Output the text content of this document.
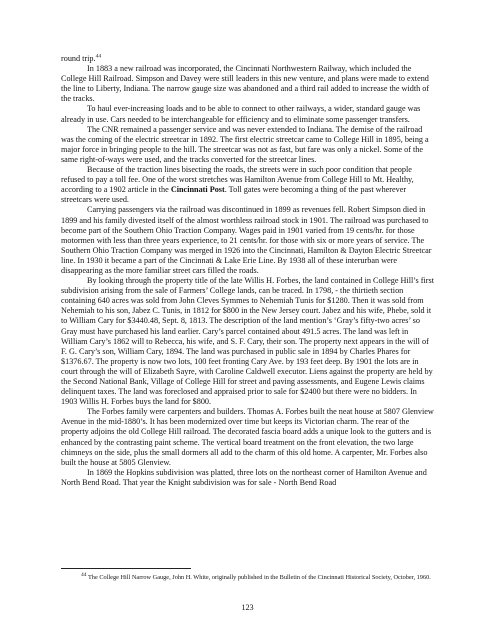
round trip.$^{44}$

In 1883 a new railroad was incorporated, the Cincinnati Northwestern Railway, which included the College Hill Railroad. Simpson and Davey were still leaders in this new venture, and plans were made to extend the line to Liberty, Indiana. The narrow gauge size was abandoned and a third rail added to increase the width of the tracks.

To haul ever-increasing loads and to be able to connect to other railways, a wider, standard gauge was already in use. Cars needed to be interchangeable for efficiency and to eliminate some passenger transfers.

The CNR remained a passenger service and was never extended to Indiana. The demise of the railroad was the coming of the electric streetcar in 1892. The first electric streetcar came to College Hill in 1895, being a major force in bringing people to the hill. The streetcar was not as fast, but fare was only a nickel. Some of the same right-of-ways were used, and the tracks converted for the streetcar lines.

Because of the traction lines bisecting the roads, the streets were in such poor condition that people refused to pay a toll fee. One of the worst stretches was Hamilton Avenue from College Hill to Mt. Healthy, according to a 1902 article in the Cincinnati Post. Toll gates were becoming a thing of the past wherever streetcars were used.

Carrying passengers via the railroad was discontinued in 1899 as revenues fell. Robert Simpson died in 1899 and his family divested itself of the almost worthless railroad stock in 1901. The railroad was purchased to become part of the Southern Ohio Traction Company. Wages paid in 1901 varied from 19 cents/hr. for those motormen with less than three years experience, to 21 cents/hr. for those with six or more years of service. The Southern Ohio Traction Company was merged in 1926 into the Cincinnati, Hamilton & Dayton Electric Streetcar line. In 1930 it became a part of the Cincinnati & Lake Erie Line. By 1938 all of these interurban were disappearing as the more familiar street cars filled the roads.

By looking through the property title of the late Willis H. Forbes, the land contained in College Hill’s first subdivision arising from the sale of Farmers’ College lands, can be traced. In 1798, - the thirtieth section containing 640 acres was sold from John Cleves Symmes to Nehemiah Tunis for $1280. Then it was sold from Nehemiah to his son, Jabez C. Tunis, in 1812 for $800 in the New Jersey court. Jabez and his wife, Phebe, sold it to William Cary for $3440.48, Sept. 8, 1813. The description of the land mention’s ‘Gray’s fifty-two acres’ so Gray must have purchased his land earlier. Cary’s parcel contained about 491.5 acres. The land was left in William Cary’s 1862 will to Rebecca, his wife, and S. F. Cary, their son. The property next appears in the will of F. G. Cary’s son, William Cary, 1894. The land was purchased in public sale in 1894 by Charles Phares for $1376.67. The property is now two lots, 100 feet fronting Cary Ave. by 193 feet deep. By 1901 the lots are in court through the will of Elizabeth Sayre, with Caroline Caldwell executor. Liens against the property are held by the Second National Bank, Village of College Hill for street and paving assessments, and Eugene Lewis claims delinquent taxes. The land was foreclosed and appraised prior to sale for $2400 but there were no bidders. In 1903 Willis H. Forbes buys the land for $800.

The Forbes family were carpenters and builders. Thomas A. Forbes built the neat house at 5807 Glenview Avenue in the mid-1880’s. It has been modernized over time but keeps its Victorian charm. The rear of the property adjoins the old College Hill railroad. The decorated fascia board adds a unique look to the gutters and is enhanced by the contrasting paint scheme. The vertical board treatment on the front elevation, the two large chimneys on the side, plus the small dormers all add to the charm of this old home. A carpenter, Mr. Forbes also built the house at 5805 Glenview.

In 1869 the Hopkins subdivision was platted, three lots on the northeast corner of Hamilton Avenue and North Bend Road. That year the Knight subdivision was for sale - North Bend Road

$^{44}$ The College Hill Narrow Gauge, John H. White, originally published in the Bulletin of the Cincinnati Historical Society, October, 1960.
123
